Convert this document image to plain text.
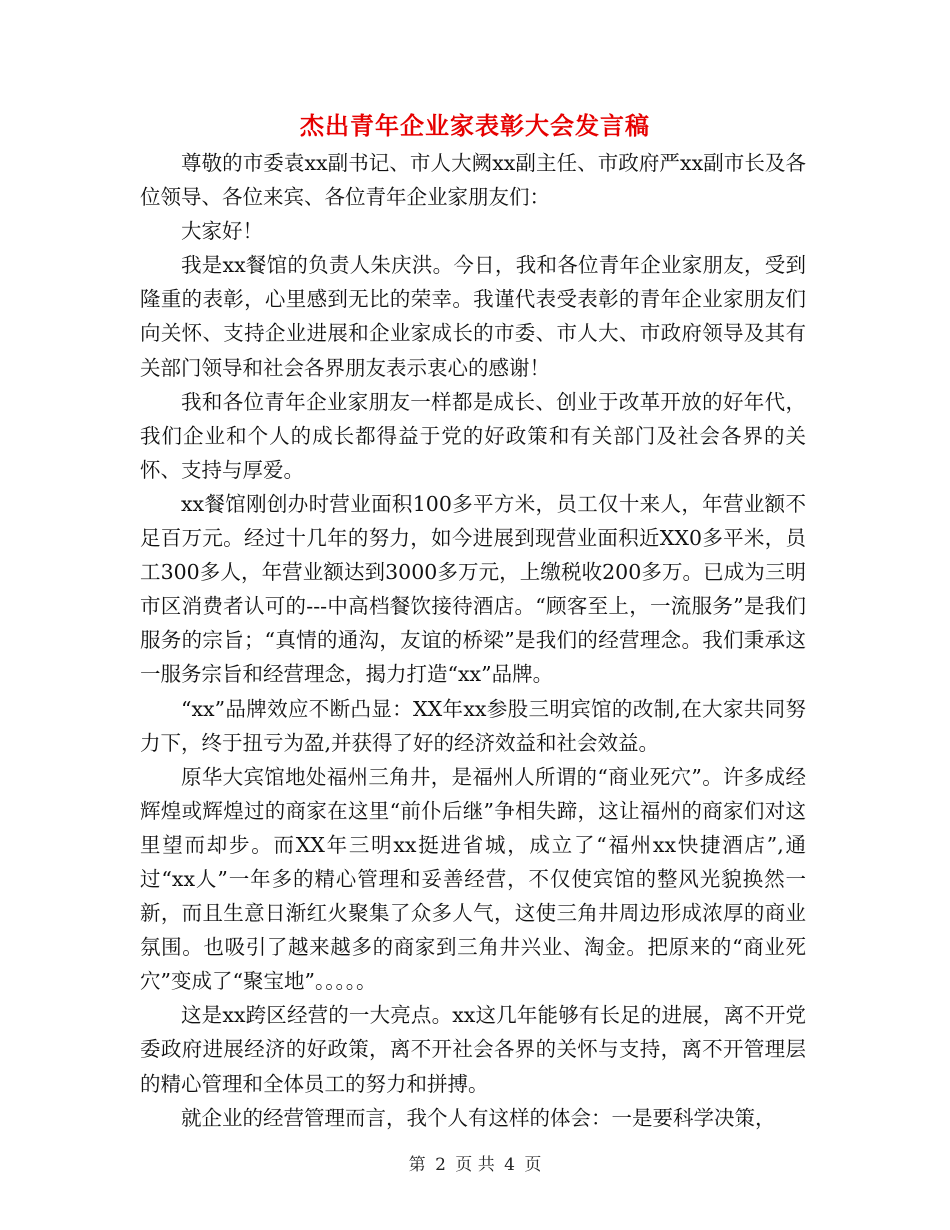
杰出青年企业家表彰大会发言稿

尊敬的市委袁xx副书记、市人大阙xx副主任、市政府严xx副市长及各位领导、各位来宾、各位青年企业家朋友们：

大家好！

我是xx餐馆的负责人朱庆洪。今日，我和各位青年企业家朋友，受到隆重的表彰，心里感到无比的荣幸。我谨代表受表彰的青年企业家朋友们向关怀、支持企业进展和企业家成长的市委、市人大、市政府领导及其有关部门领导和社会各界朋友表示衷心的感谢！

我和各位青年企业家朋友一样都是成长、创业于改革开放的好年代，我们企业和个人的成长都得益于党的好政策和有关部门及社会各界的关怀、支持与厚爱。

xx餐馆刚创办时营业面积100多平方米，员工仅十来人，年营业额不足百万元。经过十几年的努力，如今进展到现营业面积近XX0多平米，员工300多人，年营业额达到3000多万元，上缴税收200多万。已成为三明市区消费者认可的---中高档餐饮接待酒店。“顾客至上，一流服务”是我们服务的宗旨；“真情的通沟，友谊的桥梁”是我们的经营理念。我们秉承这一服务宗旨和经营理念，揭力打造“xx”品牌。

“xx”品牌效应不断凸显：XX年xx参股三明宾馆的改制,在大家共同努力下，终于扭亏为盈,并获得了好的经济效益和社会效益。

原华大宾馆地处福州三角井，是福州人所谓的“商业死穴”。许多成经辉煌或辉煌过的商家在这里“前仆后继”争相失蹄，这让福州的商家们对这里望而却步。而XX年三明xx挺进省城，成立了“福州xx快捷酒店”,通过“xx人”一年多的精心管理和妥善经营，不仅使宾馆的整风光貌换然一新，而且生意日渐红火聚集了众多人气，这使三角井周边形成浓厚的商业氛围。也吸引了越来越多的商家到三角井兴业、淘金。把原来的“商业死穴”变成了“聚宝地”。。。。。

这是xx跨区经营的一大亮点。xx这几年能够有长足的进展，离不开党委政府进展经济的好政策，离不开社会各界的关怀与支持，离不开管理层的精心管理和全体员工的努力和拼搏。

就企业的经营管理而言，我个人有这样的体会：一是要科学决策，

第 2 页 共 4 页
